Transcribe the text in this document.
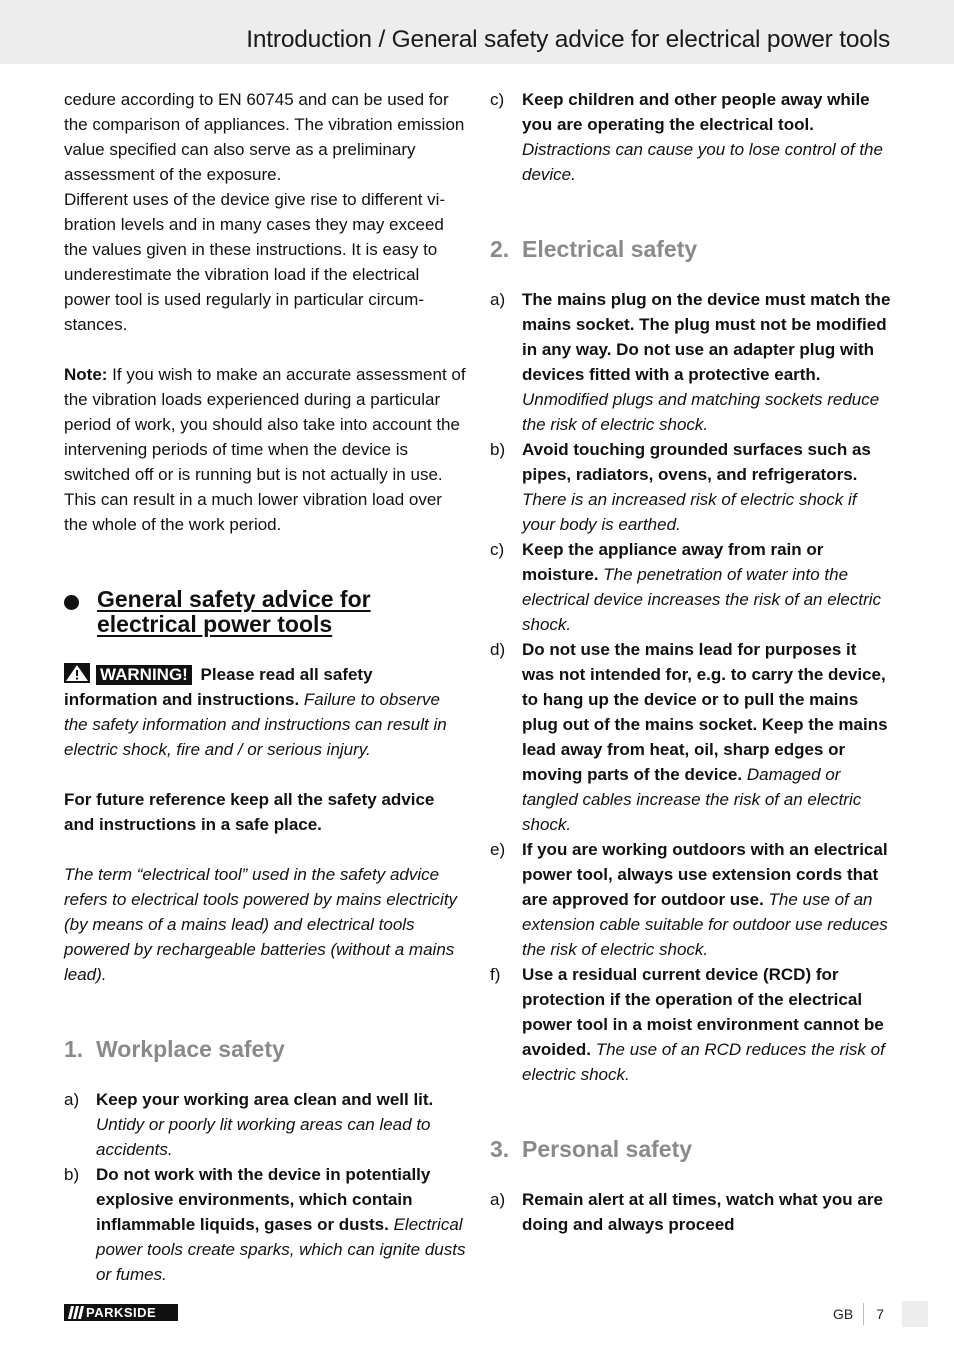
Introduction / General safety advice for electrical power tools

cedure according to EN 60745 and can be used for the comparison of appliances. The vibration emission value specified can also serve as a preliminary assessment of the exposure.

Different uses of the device give rise to different vibration levels and in many cases they may exceed the values given in these instructions. It is easy to underestimate the vibration load if the electrical power tool is used regularly in particular circumstances.

Note: If you wish to make an accurate assessment of the vibration loads experienced during a particular period of work, you should also take into account the intervening periods of time when the device is switched off or is running but is not actually in use. This can result in a much lower vibration load over the whole of the work period.

General safety advice for electrical power tools

WARNING! Please read all safety information and instructions. Failure to observe the safety information and instructions can result in electric shock, fire and / or serious injury.

For future reference keep all the safety advice and instructions in a safe place.

The term “electrical tool” used in the safety advice refers to electrical tools powered by mains electricity (by means of a mains lead) and electrical tools powered by rechargeable batteries (without a mains lead).

1. Workplace safety
a) Keep your working area clean and well lit. Untidy or poorly lit working areas can lead to accidents.
b) Do not work with the device in potentially explosive environments, which contain inflammable liquids, gases or dusts. Electrical power tools create sparks, which can ignite dusts or fumes.
c)	Keep children and other people away while you are operating the electrical tool. Distractions can cause you to lose control of the device.
2. Electrical safety
a) The mains plug on the device must match the mains socket. The plug must not be modified in any way. Do not use an adapter plug with devices fitted with a protective earth. Unmodified plugs and matching sockets reduce the risk of electric shock.
b) Avoid touching grounded surfaces such as pipes, radiators, ovens, and refrigerators. There is an increased risk of electric shock if your body is earthed.
c)	Keep the appliance away from rain or moisture. The penetration of water into the electrical device increases the risk of an electric shock.
d) Do not use the mains lead for purposes it was not intended for, e.g. to carry the device, to hang up the device or to pull the mains plug out of the mains socket. Keep the mains lead away from heat, oil, sharp edges or moving parts of the device. Damaged or tangled cables increase the risk of an electric shock.
e) If you are working outdoors with an electrical power tool, always use extension cords that are approved for outdoor use. The use of an extension cable suitable for outdoor use reduces the risk of electric shock.
f)	Use a residual current device (RCD) for protection if the operation of the electrical power tool in a moist environment cannot be avoided. The use of an RCD reduces the risk of electric shock.
3. Personal safety
a) Remain alert at all times, watch what you are doing and always proceed
PARKSIDE	GB 7
